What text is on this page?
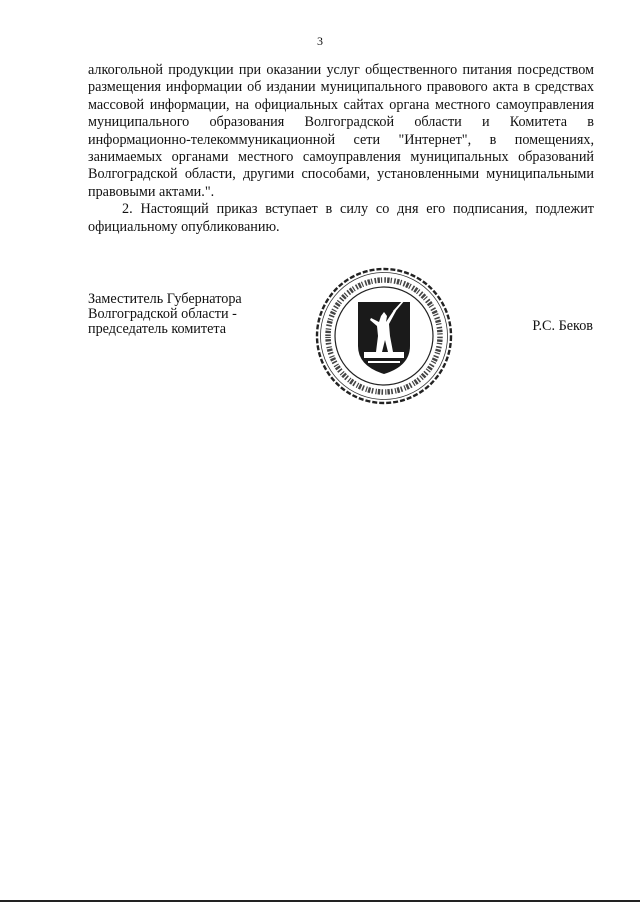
3

алкогольной продукции при оказании услуг общественного питания посредством размещения информации об издании муниципального правового акта в средствах массовой информации, на официальных сайтах органа местного самоуправления муниципального образования Волгоградской области и Комитета в информационно-телекоммуникационной сети "Интернет", в помещениях, занимаемых органами местного самоуправления муниципальных образований Волгоградской области, другими способами, установленными муниципальными правовыми актами.".

2. Настоящий приказ вступает в силу со дня его подписания, подлежит официальному опубликованию.

Заместитель Губернатора
Волгоградской области -
председатель комитета	Р.С. Беков
